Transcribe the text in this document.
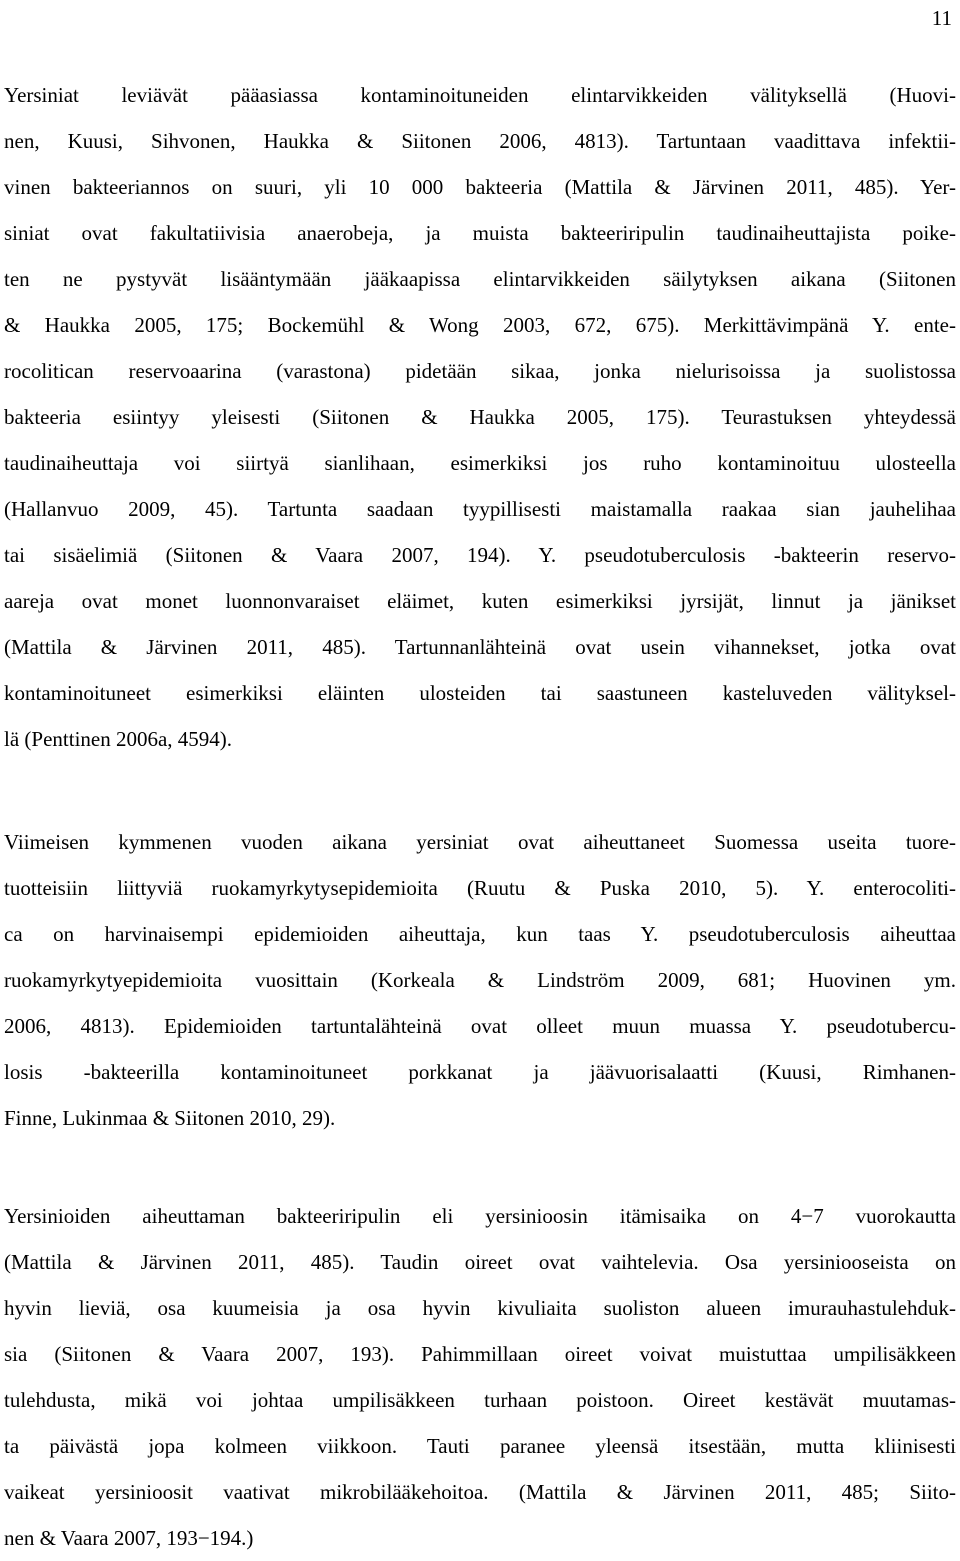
11
Yersiniat leviävät pääasiassa kontaminoituneiden elintarvikkeiden välityksellä (Huovi-
nen, Kuusi, Sihvonen, Haukka & Siitonen 2006, 4813). Tartuntaan vaadittava infektii-
vinen bakteeriannos on suuri, yli 10 000 bakteeria (Mattila & Järvinen 2011, 485). Yer-
siniat ovat fakultatiivisia anaerobeja, ja muista bakteeriripulin taudinaiheuttajista poike-
ten ne pystyvät lisääntymään jääkaapissa elintarvikkeiden säilytyksen aikana (Siitonen
& Haukka 2005, 175; Bockemühl & Wong 2003, 672, 675). Merkittävimpänä Y. ente-
rocolitican reservoaarina (varastona) pidetään sikaa, jonka nielurisoissa ja suolistossa
bakteeria esiintyy yleisesti (Siitonen & Haukka 2005, 175). Teurastuksen yhteydessä
taudinaiheuttaja voi siirtyä sianlihaan, esimerkiksi jos ruho kontaminoituu ulosteella
(Hallanvuo 2009, 45). Tartunta saadaan tyypillisesti maistamalla raakaa sian jauhelihaa
tai sisäelimiä (Siitonen & Vaara 2007, 194). Y. pseudotuberculosis -bakteerin reservo-
aareja ovat monet luonnonvaraiset eläimet, kuten esimerkiksi jyrsijät, linnut ja jänikset
(Mattila & Järvinen 2011, 485). Tartunnanlähteinä ovat usein vihannekset, jotka ovat
kontaminoituneet esimerkiksi eläinten ulosteiden tai saastuneen kasteluveden välityksel-
lä (Penttinen 2006a, 4594).
Viimeisen kymmenen vuoden aikana yersiniat ovat aiheuttaneet Suomessa useita tuore-
tuotteisiin liittyviä ruokamyrkytysepidemioita (Ruutu & Puska 2010, 5). Y. enterocoliti-
ca on harvinaisempi epidemioiden aiheuttaja, kun taas Y. pseudotuberculosis aiheuttaa
ruokamyrkytyepidemioita vuosittain (Korkeala & Lindström 2009, 681; Huovinen ym.
2006, 4813). Epidemioiden tartuntalähteinä ovat olleet muun muassa Y. pseudotubercu-
losis -bakteerilla kontaminoituneet porkkanat ja jäävuorisalaatti (Kuusi, Rimhanen-
Finne, Lukinmaa & Siitonen 2010, 29).
Yersinioiden aiheuttaman bakteeriripulin eli yersinioosin itämisaika on 4−7 vuorokautta
(Mattila & Järvinen 2011, 485). Taudin oireet ovat vaihtelevia. Osa yersiniooseista on
hyvin lieviä, osa kuumeisia ja osa hyvin kivuliaita suoliston alueen imurauhastulehduk-
sia (Siitonen & Vaara 2007, 193). Pahimmillaan oireet voivat muistuttaa umpilisäkkeen
tulehdusta, mikä voi johtaa umpilisäkkeen turhaan poistoon. Oireet kestävät muutamas-
ta päivästä jopa kolmeen viikkoon. Tauti paranee yleensä itsestään, mutta kliinisesti
vaikeat yersinioosit vaativat mikrobilääkehoitoa. (Mattila & Järvinen 2011, 485; Siito-
nen & Vaara 2007, 193−194.)
